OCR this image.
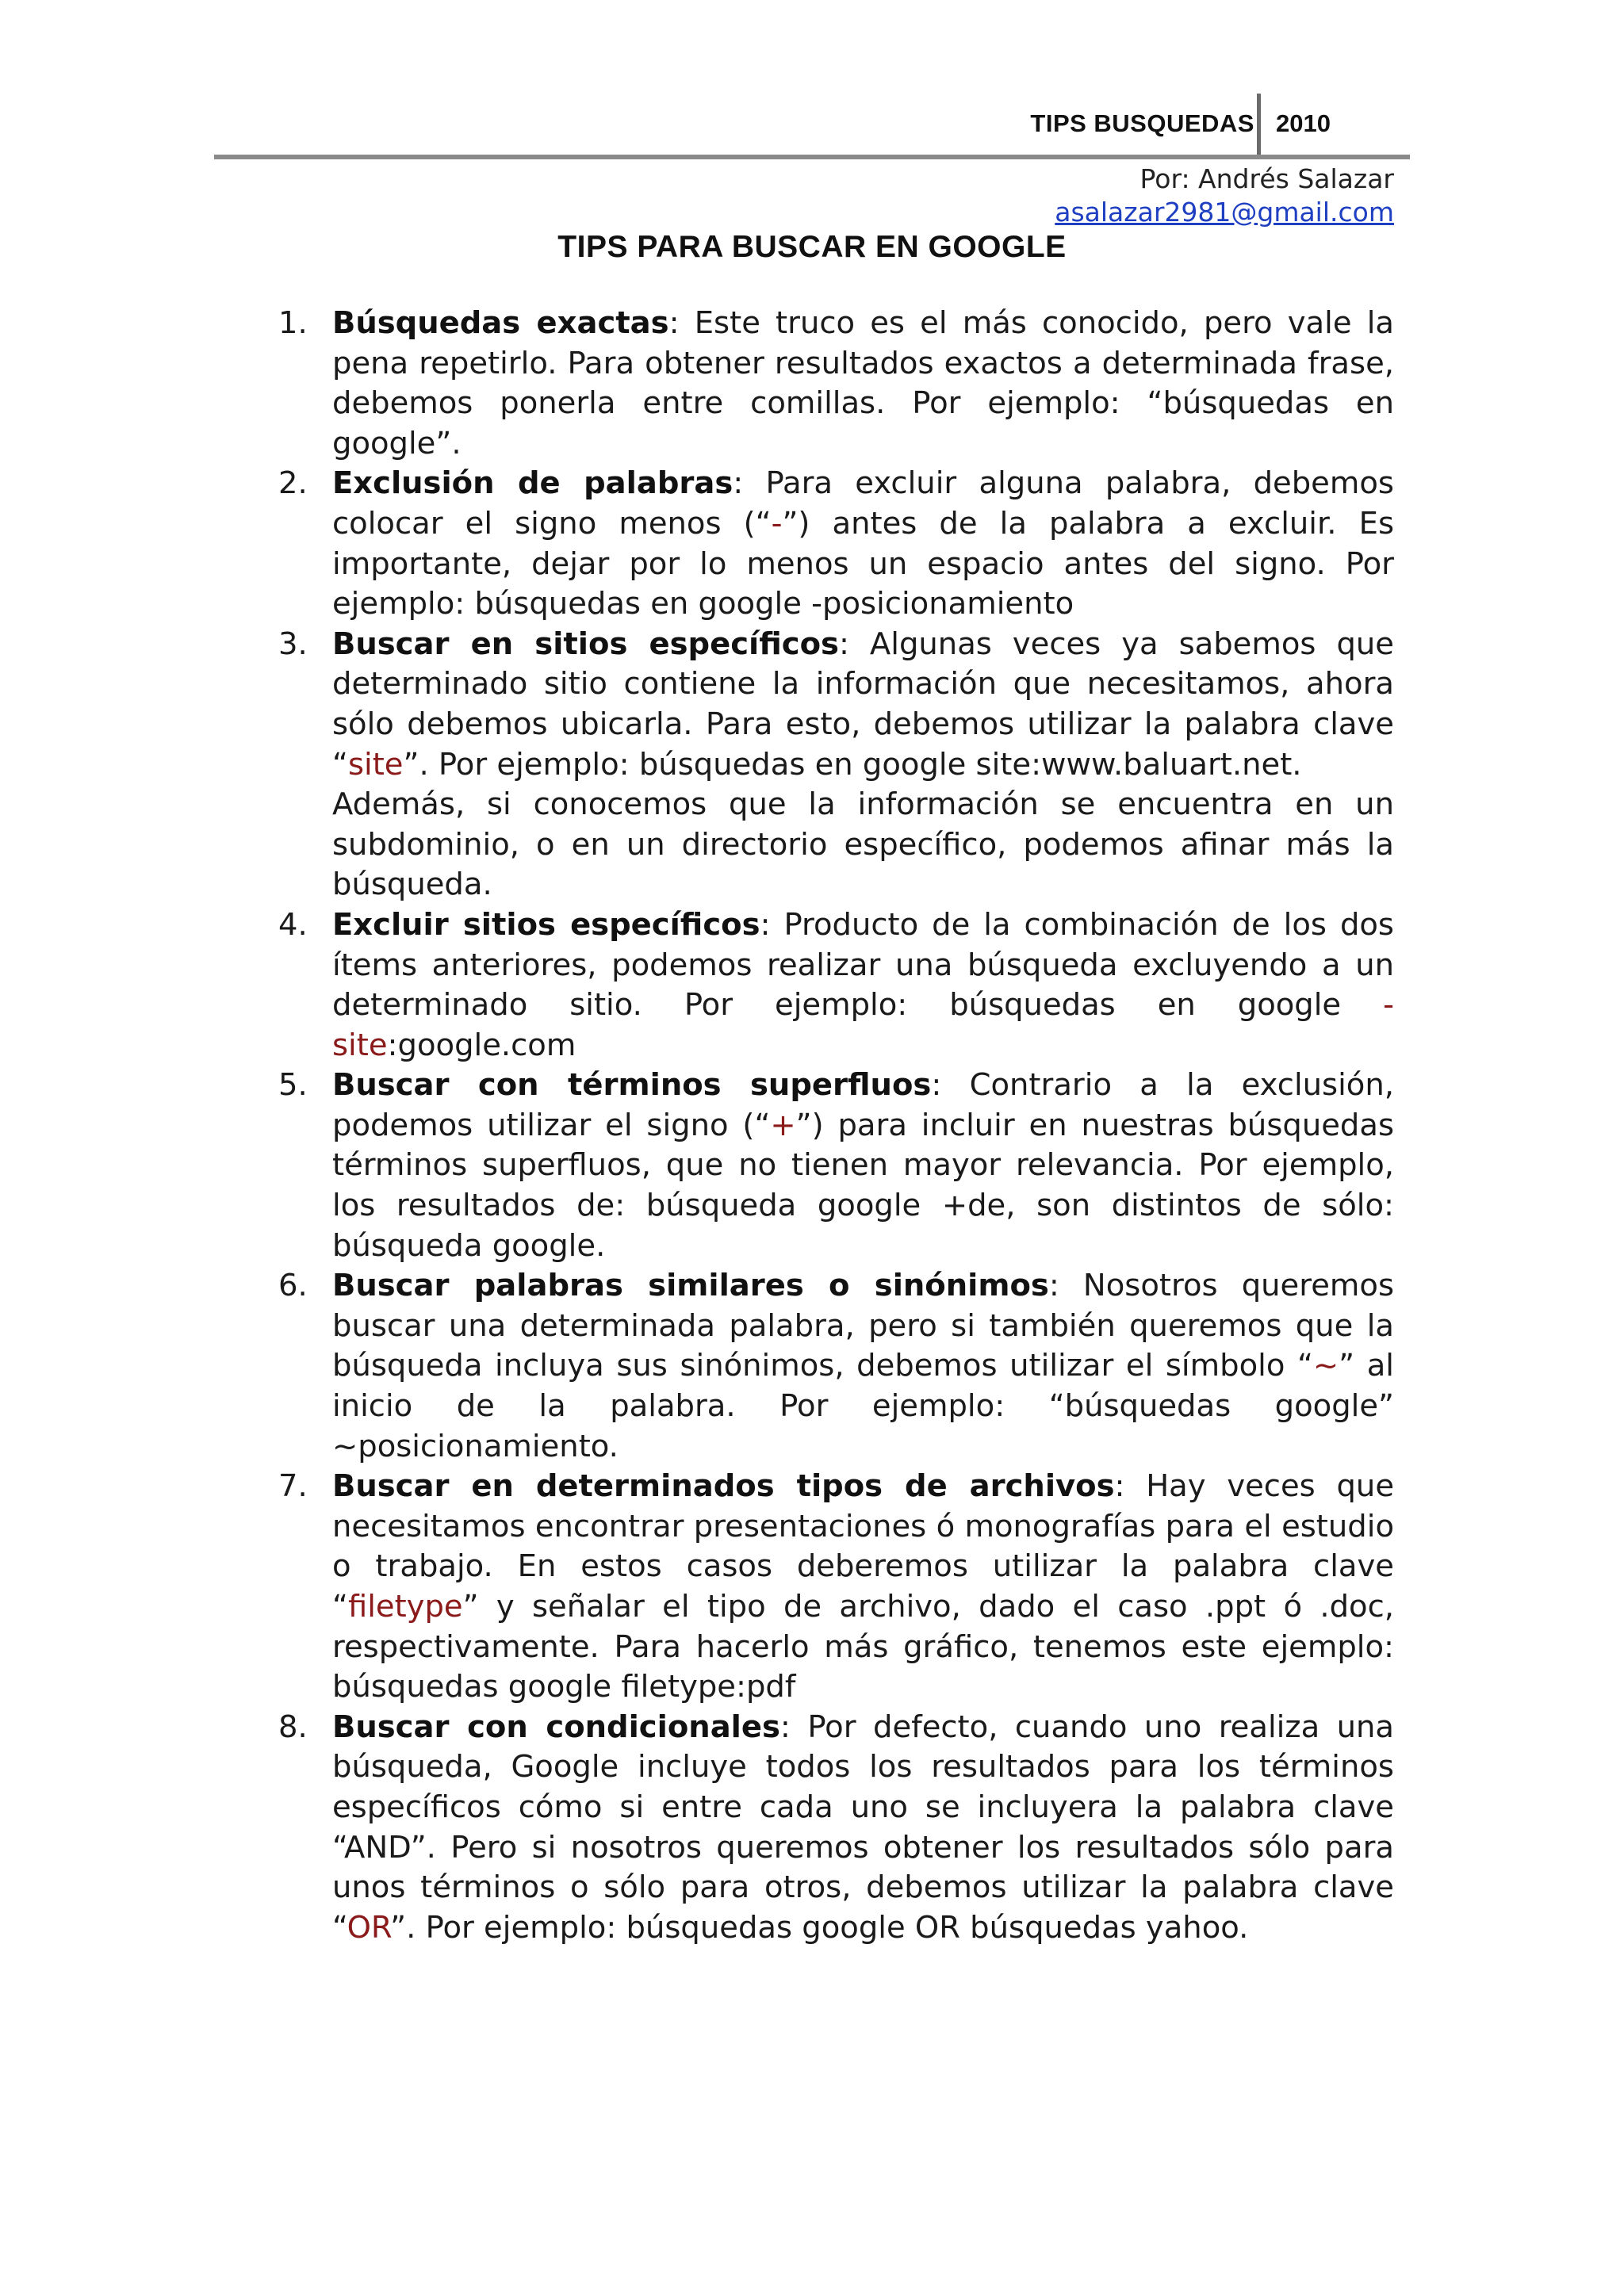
TIPS BUSQUEDAS 2010
Por: Andrés Salazar
asalazar2981@gmail.com
TIPS PARA BUSCAR EN GOOGLE
1. Búsquedas exactas: Este truco es el más conocido, pero vale la pena repetirlo. Para obtener resultados exactos a determinada frase, debemos ponerla entre comillas. Por ejemplo: “búsquedas en google”.
2. Exclusión de palabras: Para excluir alguna palabra, debemos colocar el signo menos (“-”) antes de la palabra a excluir. Es importante, dejar por lo menos un espacio antes del signo. Por ejemplo: búsquedas en google -posicionamiento
3. Buscar en sitios específicos: Algunas veces ya sabemos que determinado sitio contiene la información que necesitamos, ahora sólo debemos ubicarla. Para esto, debemos utilizar la palabra clave “site”. Por ejemplo: búsquedas en google site:www.baluart.net.
Además, si conocemos que la información se encuentra en un subdominio, o en un directorio específico, podemos afinar más la búsqueda.
4. Excluir sitios específicos: Producto de la combinación de los dos ítems anteriores, podemos realizar una búsqueda excluyendo a un determinado sitio. Por ejemplo: búsquedas en google -site:google.com
5. Buscar con términos superfluos: Contrario a la exclusión, podemos utilizar el signo (“+”) para incluir en nuestras búsquedas términos superfluos, que no tienen mayor relevancia. Por ejemplo, los resultados de: búsqueda google +de, son distintos de sólo: búsqueda google.
6. Buscar palabras similares o sinónimos: Nosotros queremos buscar una determinada palabra, pero si también queremos que la búsqueda incluya sus sinónimos, debemos utilizar el símbolo “~” al inicio de la palabra. Por ejemplo: “búsquedas google” ~posicionamiento.
7. Buscar en determinados tipos de archivos: Hay veces que necesitamos encontrar presentaciones ó monografías para el estudio o trabajo. En estos casos deberemos utilizar la palabra clave “filetype” y señalar el tipo de archivo, dado el caso .ppt ó .doc, respectivamente. Para hacerlo más gráfico, tenemos este ejemplo: búsquedas google filetype:pdf
8. Buscar con condicionales: Por defecto, cuando uno realiza una búsqueda, Google incluye todos los resultados para los términos específicos cómo si entre cada uno se incluyera la palabra clave “AND”. Pero si nosotros queremos obtener los resultados sólo para unos términos o sólo para otros, debemos utilizar la palabra clave “OR”. Por ejemplo: búsquedas google OR búsquedas yahoo.
